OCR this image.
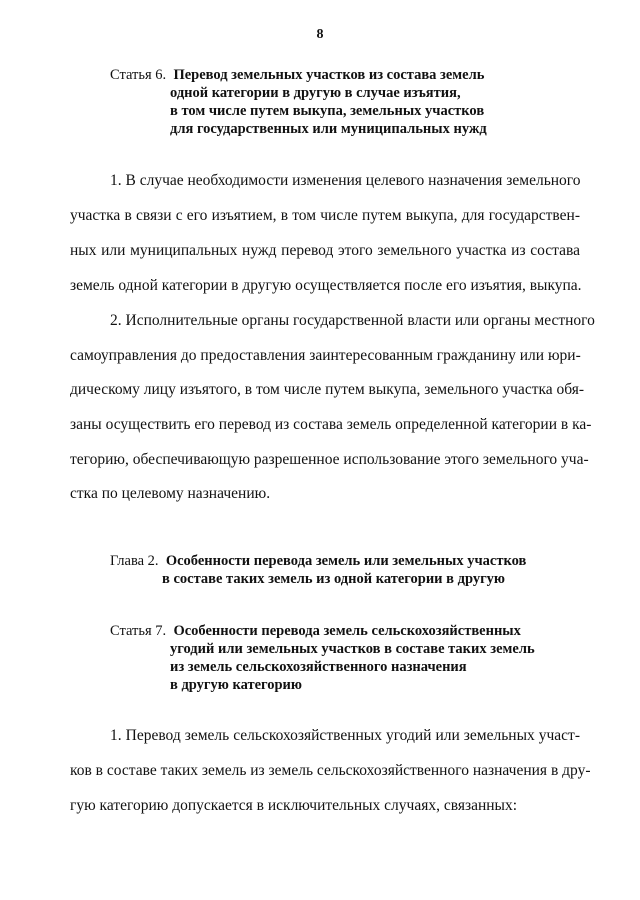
8
Статья 6.  Перевод земельных участков из состава земель
одной категории в другую в случае изъятия,
в том числе путем выкупа, земельных участков
для государственных или муниципальных нужд
1. В случае необходимости изменения целевого назначения земельного
участка в связи с его изъятием, в том числе путем выкупа, для государствен-
ных или муниципальных нужд перевод этого земельного участка из состава
земель одной категории в другую осуществляется после его изъятия, выкупа.
2. Исполнительные органы государственной власти или органы местного
самоуправления до предоставления заинтересованным гражданину или юри-
дическому лицу изъятого, в том числе путем выкупа, земельного участка обя-
заны осуществить его перевод из состава земель определенной категории в ка-
тегорию, обеспечивающую разрешенное использование этого земельного уча-
стка по целевому назначению.
Глава 2.  Особенности перевода земель или земельных участков
в составе таких земель из одной категории в другую
Статья 7.  Особенности перевода земель сельскохозяйственных
угодий или земельных участков в составе таких земель
из земель сельскохозяйственного назначения
в другую категорию
1. Перевод земель сельскохозяйственных угодий или земельных участ-
ков в составе таких земель из земель сельскохозяйственного назначения в дру-
гую категорию допускается в исключительных случаях, связанных:
